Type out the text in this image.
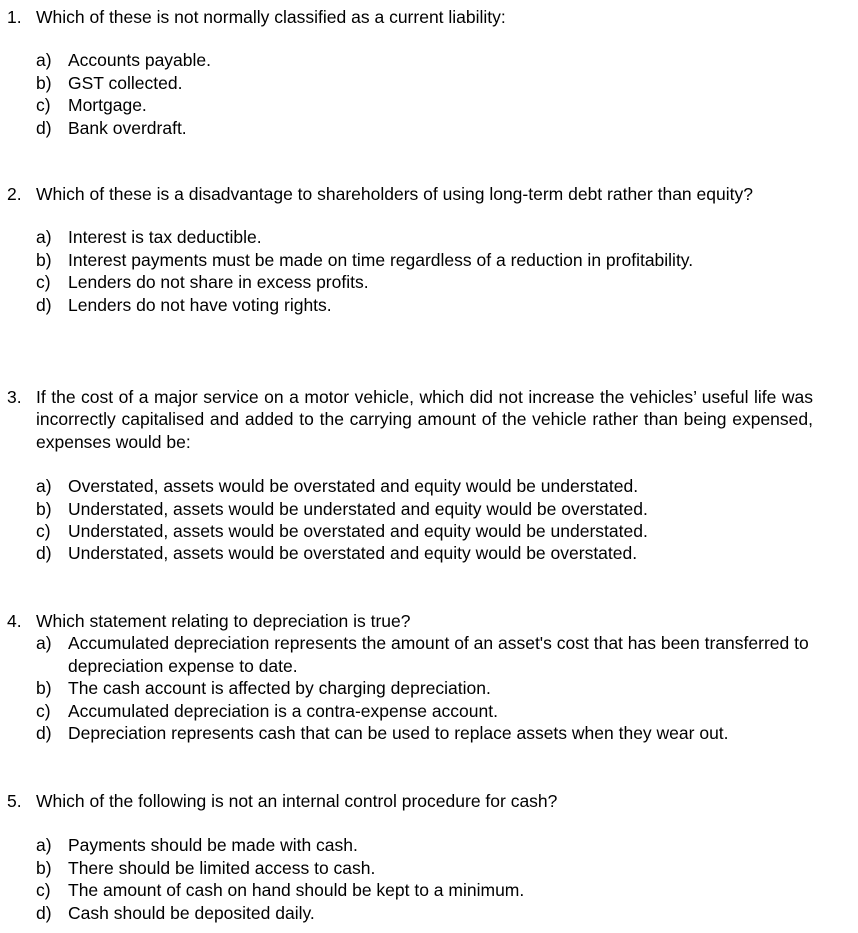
1. Which of these is not normally classified as a current liability:
a) Accounts payable.
b) GST collected.
c) Mortgage.
d) Bank overdraft.
2. Which of these is a disadvantage to shareholders of using long-term debt rather than equity?
a) Interest is tax deductible.
b) Interest payments must be made on time regardless of a reduction in profitability.
c) Lenders do not share in excess profits.
d) Lenders do not have voting rights.
3. If the cost of a major service on a motor vehicle, which did not increase the vehicles’ useful life was incorrectly capitalised and added to the carrying amount of the vehicle rather than being expensed, expenses would be:
a) Overstated, assets would be overstated and equity would be understated.
b) Understated, assets would be understated and equity would be overstated.
c) Understated, assets would be overstated and equity would be understated.
d) Understated, assets would be overstated and equity would be overstated.
4. Which statement relating to depreciation is true?
a) Accumulated depreciation represents the amount of an asset's cost that has been transferred to depreciation expense to date.
b) The cash account is affected by charging depreciation.
c) Accumulated depreciation is a contra-expense account.
d) Depreciation represents cash that can be used to replace assets when they wear out.
5. Which of the following is not an internal control procedure for cash?
a) Payments should be made with cash.
b) There should be limited access to cash.
c) The amount of cash on hand should be kept to a minimum.
d) Cash should be deposited daily.
